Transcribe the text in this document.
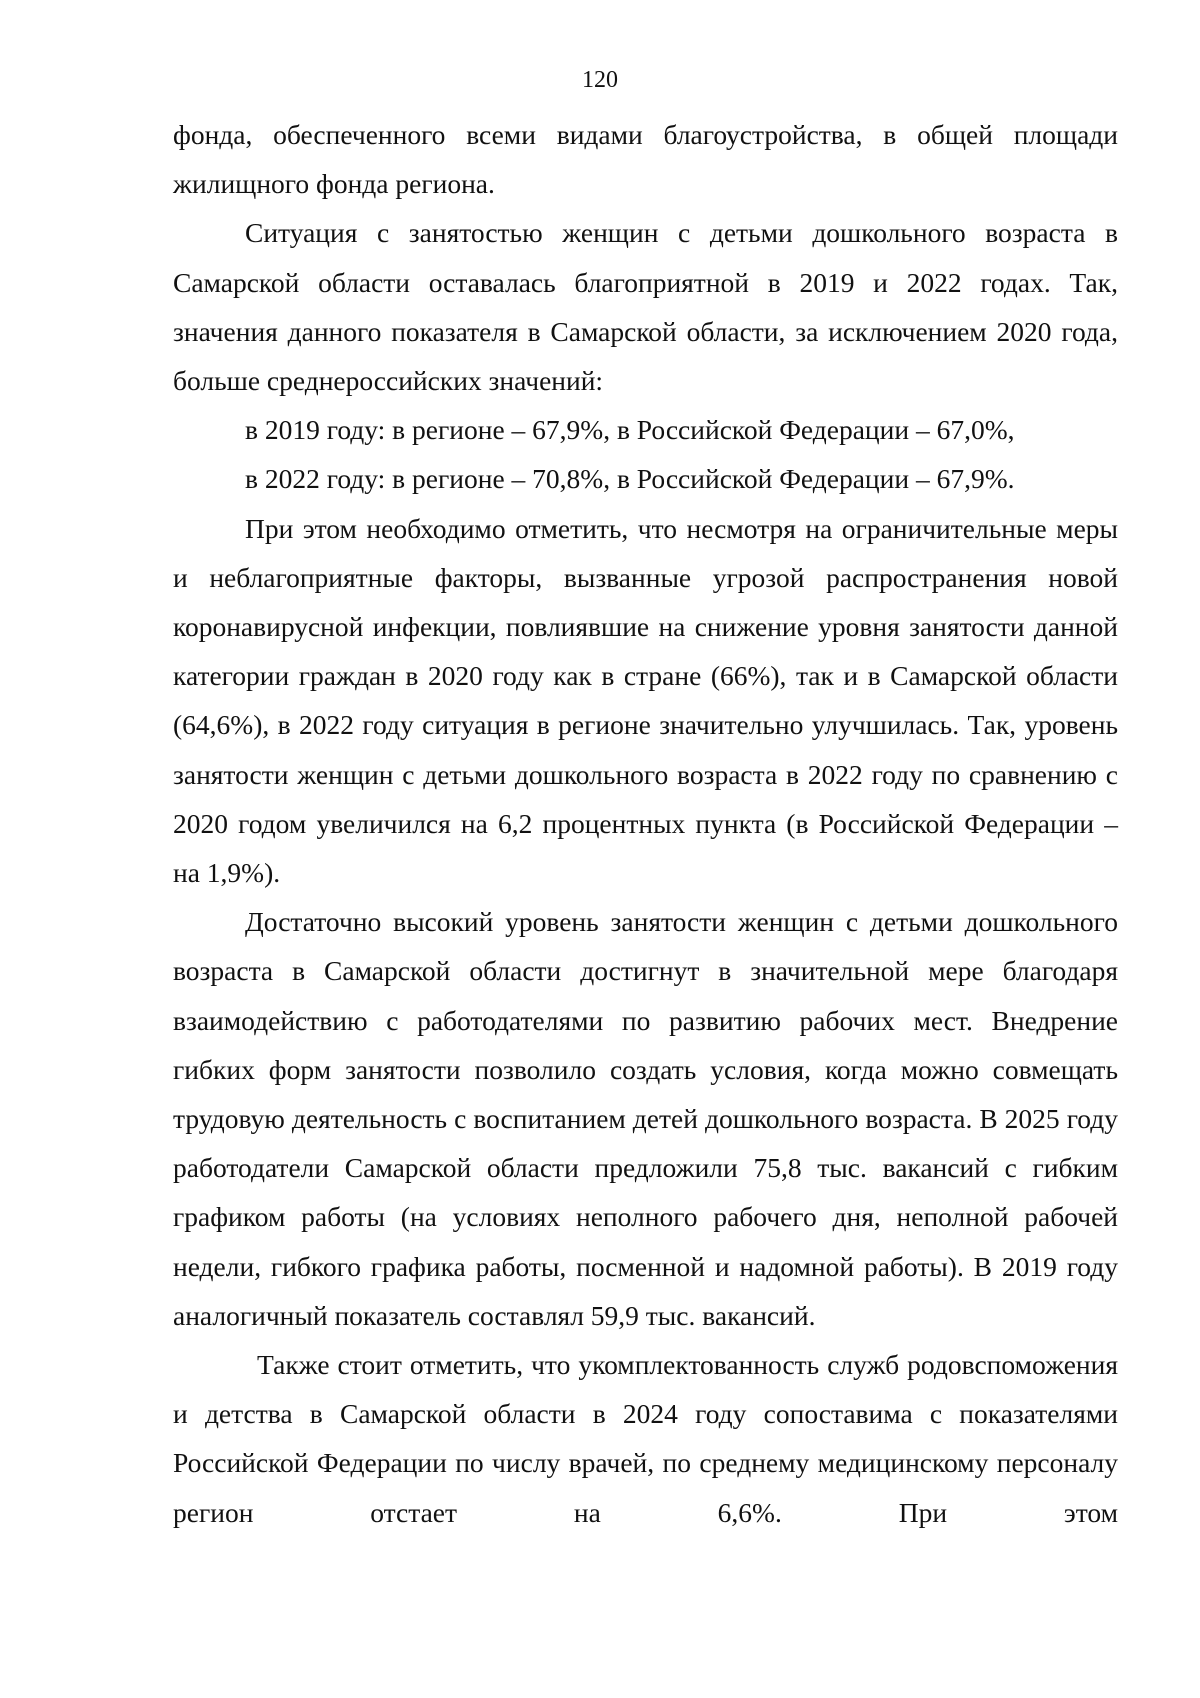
120

фонда, обеспеченного всеми видами благоустройства, в общей площади жилищного фонда региона.

Ситуация с занятостью женщин с детьми дошкольного возраста в Самарской области оставалась благоприятной в 2019 и 2022 годах. Так, значения данного показателя в Самарской области, за исключением 2020 года, больше среднероссийских значений:

в 2019 году: в регионе – 67,9%, в Российской Федерации – 67,0%,

в 2022 году: в регионе – 70,8%, в Российской Федерации – 67,9%.

При этом необходимо отметить, что несмотря на ограничительные меры и неблагоприятные факторы, вызванные угрозой распространения новой коронавирусной инфекции, повлиявшие на снижение уровня занятости данной категории граждан в 2020 году как в стране (66%), так и в Самарской области (64,6%), в 2022 году ситуация в регионе значительно улучшилась. Так, уровень занятости женщин с детьми дошкольного возраста в 2022 году по сравнению с 2020 годом увеличился на 6,2 процентных пункта (в Российской Федерации – на 1,9%).

Достаточно высокий уровень занятости женщин с детьми дошкольного возраста в Самарской области достигнут в значительной мере благодаря взаимодействию с работодателями по развитию рабочих мест. Внедрение гибких форм занятости позволило создать условия, когда можно совмещать трудовую деятельность с воспитанием детей дошкольного возраста. В 2025 году работодатели Самарской области предложили 75,8 тыс. вакансий с гибким графиком работы (на условиях неполного рабочего дня, неполной рабочей недели, гибкого графика работы, посменной и надомной работы). В 2019 году аналогичный показатель составлял 59,9 тыс. вакансий.

Также стоит отметить, что укомплектованность служб родовспоможения и детства в Самарской области в 2024 году сопоставима с показателями Российской Федерации по числу врачей, по среднему медицинскому персоналу регион отстает на 6,6%. При этом
